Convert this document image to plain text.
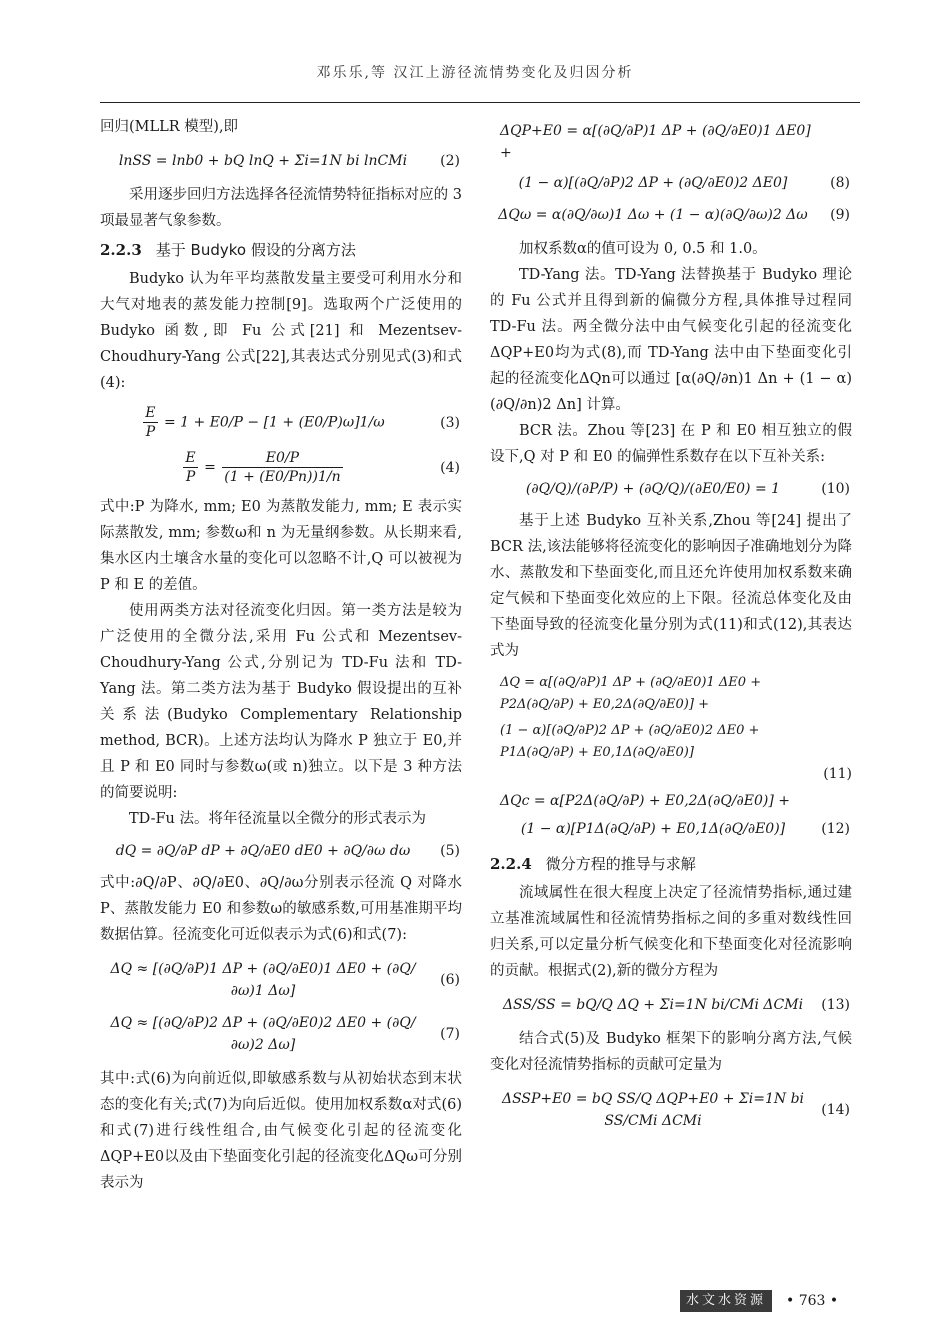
邓乐乐,等 汉江上游径流情势变化及归因分析

回归(MLLR 模型),即

lnSS = lnb0 + bQ lnQ + Σi=1N bi lnCMi (2)

采用逐步回归方法选择各径流情势特征指标对应的 3 项最显著气象参数。

2.2.3 基于 Budyko 假设的分离方法

Budyko 认为年平均蒸散发量主要受可利用水分和大气对地表的蒸发能力控制[9]。选取两个广泛使用的 Budyko 函数,即 Fu 公式[21] 和 Mezentsev-Choudhury-Yang 公式[22],其表达式分别见式(3)和式(4):

$\frac{E}{P} = 1 + E0/P - [1 + (E0/P)\omega]1/\omega$	(3)
$\frac{E}{P} = \frac{E0/P}{(1 + (E0/Pn))1/n}$	(4)

式中:P 为降水, mm; E0 为蒸散发能力, mm; E 表示实际蒸散发, mm; 参数ω和 n 为无量纲参数。从长期来看,集水区内土壤含水量的变化可以忽略不计,Q 可以被视为 P 和 E 的差值。

使用两类方法对径流变化归因。第一类方法是较为广泛使用的全微分法,采用 Fu 公式和 Mezentsev-Choudhury-Yang 公式,分别记为 TD-Fu 法和 TD-Yang 法。第二类方法为基于 Budyko 假设提出的互补关系法(Budyko Complementary Relationship method, BCR)。上述方法均认为降水 P 独立于 E0,并且 P 和 E0 同时与参数ω(或 n)独立。以下是 3 种方法的简要说明:

TD-Fu 法。将年径流量以全微分的形式表示为

dQ = ∂Q/∂P dP + ∂Q/∂E0 dE0 + ∂Q/∂ω dω (5)

式中:∂Q/∂P、∂Q/∂E0、∂Q/∂ω分别表示径流 Q 对降水 P、蒸散发能力 E0 和参数ω的敏感系数,可用基准期平均数据估算。径流变化可近似表示为式(6)和式(7):

ΔQ ≈ [(∂Q/∂P)1 ΔP + (∂Q/∂E0)1 ΔE0 + (∂Q/∂ω)1 Δω]
(6)
ΔQ ≈ [(∂Q/∂P)2 ΔP + (∂Q/∂E0)2 ΔE0 + (∂Q/∂ω)2 Δω]
(7)

其中:式(6)为向前近似,即敏感系数与从初始状态到末状态的变化有关;式(7)为向后近似。使用加权系数α对式(6)和式(7)进行线性组合,由气候变化引起的径流变化ΔQP+E0以及由下垫面变化引起的径流变化ΔQω可分别表示为

ΔQP+E0 = α[(∂Q/∂P)1 ΔP + (∂Q/∂E0)1 ΔE0] +
(1 − α)[(∂Q/∂P)2 ΔP + (∂Q/∂E0)2 ΔE0]	(8)
ΔQω = α(∂Q/∂ω)1 Δω + (1 − α)(∂Q/∂ω)2 Δω (9)

加权系数α的值可设为 0, 0.5 和 1.0。

TD-Yang 法。TD-Yang 法替换基于 Budyko 理论的 Fu 公式并且得到新的偏微分方程,具体推导过程同 TD-Fu 法。两全微分法中由气候变化引起的径流变化ΔQP+E0均为式(8),而 TD-Yang 法中由下垫面变化引起的径流变化ΔQn可以通过 [α(∂Q/∂n)1 Δn + (1 − α)(∂Q/∂n)2 Δn] 计算。

BCR 法。Zhou 等[23] 在 P 和 E0 相互独立的假设下,Q 对 P 和 E0 的偏弹性系数存在以下互补关系:

(∂Q/Q)/(∂P/P) + (∂Q/Q)/(∂E0/E0) = 1	(10)

基于上述 Budyko 互补关系,Zhou 等[24] 提出了 BCR 法,该法能够将径流变化的影响因子准确地划分为降水、蒸散发和下垫面变化,而且还允许使用加权系数来确定气候和下垫面变化效应的上下限。径流总体变化及由下垫面导致的径流变化量分别为式(11)和式(12),其表达式为

ΔQ = α[(∂Q/∂P)1 ΔP + (∂Q/∂E0)1 ΔE0 + P2Δ(∂Q/∂P) + E0,2Δ(∂Q/∂E0)] +
(1 − α)[(∂Q/∂P)2 ΔP + (∂Q/∂E0)2 ΔE0 + P1Δ(∂Q/∂P) + E0,1Δ(∂Q/∂E0)]
(11)
ΔQc = α[P2Δ(∂Q/∂P) + E0,2Δ(∂Q/∂E0)] +
(1 − α)[P1Δ(∂Q/∂P) + E0,1Δ(∂Q/∂E0)]	(12)
2.2.4 微分方程的推导与求解

流域属性在很大程度上决定了径流情势指标,通过建立基准流域属性和径流情势指标之间的多重对数线性回归关系,可以定量分析气候变化和下垫面变化对径流影响的贡献。根据式(2),新的微分方程为

ΔSS/SS = bQ/Q ΔQ + Σi=1N bi/CMi ΔCMi (13)

结合式(5)及 Budyko 框架下的影响分离方法,气候变化对径流情势指标的贡献可定量为

ΔSSP+E0 = bQ SS/Q ΔQP+E0 + Σi=1N bi SS/CMi ΔCMi
(14)
水文水资源	• 763 •
